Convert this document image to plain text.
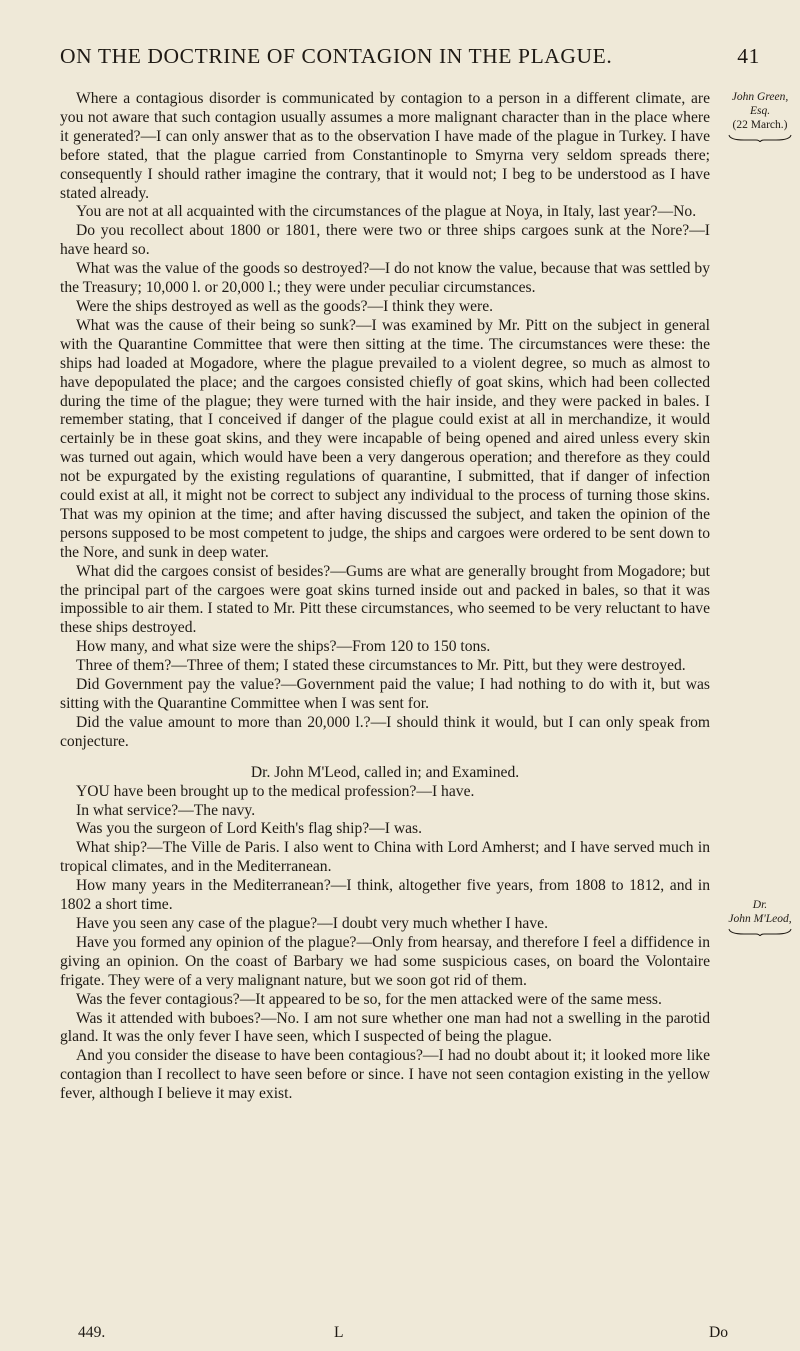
ON THE DOCTRINE OF CONTAGION IN THE PLAGUE.	41
John Green,
Esq.
(22 March.)
Dr.
John M'Leod,

Where a contagious disorder is communicated by contagion to a person in a different climate, are you not aware that such contagion usually assumes a more malignant character than in the place where it generated?—I can only answer that as to the observation I have made of the plague in Turkey. I have before stated, that the plague carried from Constantinople to Smyrna very seldom spreads there; consequently I should rather imagine the contrary, that it would not; I beg to be understood as I have stated already.

You are not at all acquainted with the circumstances of the plague at Noya, in Italy, last year?—No.

Do you recollect about 1800 or 1801, there were two or three ships cargoes sunk at the Nore?—I have heard so.

What was the value of the goods so destroyed?—I do not know the value, because that was settled by the Treasury; 10,000 l. or 20,000 l.; they were under peculiar circumstances.

Were the ships destroyed as well as the goods?—I think they were.

What was the cause of their being so sunk?—I was examined by Mr. Pitt on the subject in general with the Quarantine Committee that were then sitting at the time. The circumstances were these: the ships had loaded at Mogadore, where the plague prevailed to a violent degree, so much as almost to have depopulated the place; and the cargoes consisted chiefly of goat skins, which had been collected during the time of the plague; they were turned with the hair inside, and they were packed in bales. I remember stating, that I conceived if danger of the plague could exist at all in merchandize, it would certainly be in these goat skins, and they were incapable of being opened and aired unless every skin was turned out again, which would have been a very dangerous operation; and therefore as they could not be expurgated by the existing regulations of quarantine, I submitted, that if danger of infection could exist at all, it might not be correct to subject any individual to the process of turning those skins. That was my opinion at the time; and after having discussed the subject, and taken the opinion of the persons supposed to be most competent to judge, the ships and cargoes were ordered to be sent down to the Nore, and sunk in deep water.

What did the cargoes consist of besides?—Gums are what are generally brought from Mogadore; but the principal part of the cargoes were goat skins turned inside out and packed in bales, so that it was impossible to air them. I stated to Mr. Pitt these circumstances, who seemed to be very reluctant to have these ships destroyed.

How many, and what size were the ships?—From 120 to 150 tons.

Three of them?—Three of them; I stated these circumstances to Mr. Pitt, but they were destroyed.

Did Government pay the value?—Government paid the value; I had nothing to do with it, but was sitting with the Quarantine Committee when I was sent for.

Did the value amount to more than 20,000 l.?—I should think it would, but I can only speak from conjecture.

Dr. John M'Leod, called in; and Examined.

YOU have been brought up to the medical profession?—I have.

In what service?—The navy.

Was you the surgeon of Lord Keith's flag ship?—I was.

What ship?—The Ville de Paris. I also went to China with Lord Amherst; and I have served much in tropical climates, and in the Mediterranean.

How many years in the Mediterranean?—I think, altogether five years, from 1808 to 1812, and in 1802 a short time.

Have you seen any case of the plague?—I doubt very much whether I have.

Have you formed any opinion of the plague?—Only from hearsay, and therefore I feel a diffidence in giving an opinion. On the coast of Barbary we had some suspicious cases, on board the Volontaire frigate. They were of a very malignant nature, but we soon got rid of them.

Was the fever contagious?—It appeared to be so, for the men attacked were of the same mess.

Was it attended with buboes?—No. I am not sure whether one man had not a swelling in the parotid gland. It was the only fever I have seen, which I suspected of being the plague.

And you consider the disease to have been contagious?—I had no doubt about it; it looked more like contagion than I recollect to have seen before or since. I have not seen contagion existing in the yellow fever, although I believe it may exist.

449.	L	Do
